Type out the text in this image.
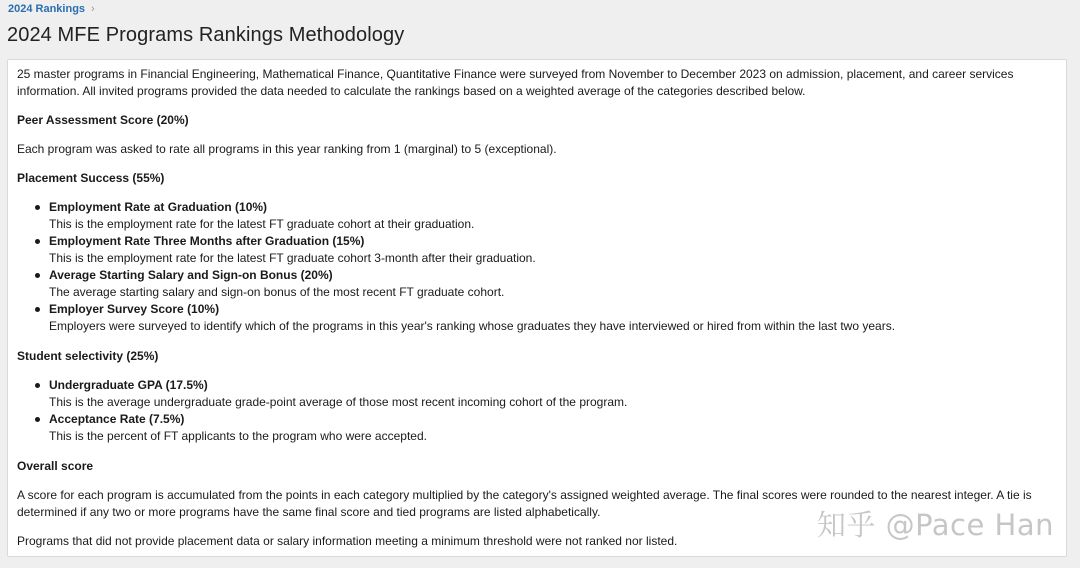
2024 Rankings ›
2024 MFE Programs Rankings Methodology

25 master programs in Financial Engineering, Mathematical Finance, Quantitative Finance were surveyed from November to December 2023 on admission, placement, and career services information. All invited programs provided the data needed to calculate the rankings based on a weighted average of the categories described below.

Peer Assessment Score (20%)

Each program was asked to rate all programs in this year ranking from 1 (marginal) to 5 (exceptional).

Placement Success (55%)

Employment Rate at Graduation (10%)
This is the employment rate for the latest FT graduate cohort at their graduation.
Employment Rate Three Months after Graduation (15%)
This is the employment rate for the latest FT graduate cohort 3-month after their graduation.
Average Starting Salary and Sign-on Bonus (20%)
The average starting salary and sign-on bonus of the most recent FT graduate cohort.
Employer Survey Score (10%)
Employers were surveyed to identify which of the programs in this year's ranking whose graduates they have interviewed or hired from within the last two years.

Student selectivity (25%)

Undergraduate GPA (17.5%)
This is the average undergraduate grade-point average of those most recent incoming cohort of the program.
Acceptance Rate (7.5%)
This is the percent of FT applicants to the program who were accepted.

Overall score

A score for each program is accumulated from the points in each category multiplied by the category's assigned weighted average. The final scores were rounded to the nearest integer. A tie is determined if any two or more programs have the same final score and tied programs are listed alphabetically.

Programs that did not provide placement data or salary information meeting a minimum threshold were not ranked nor listed.	知乎 @Pace Han
